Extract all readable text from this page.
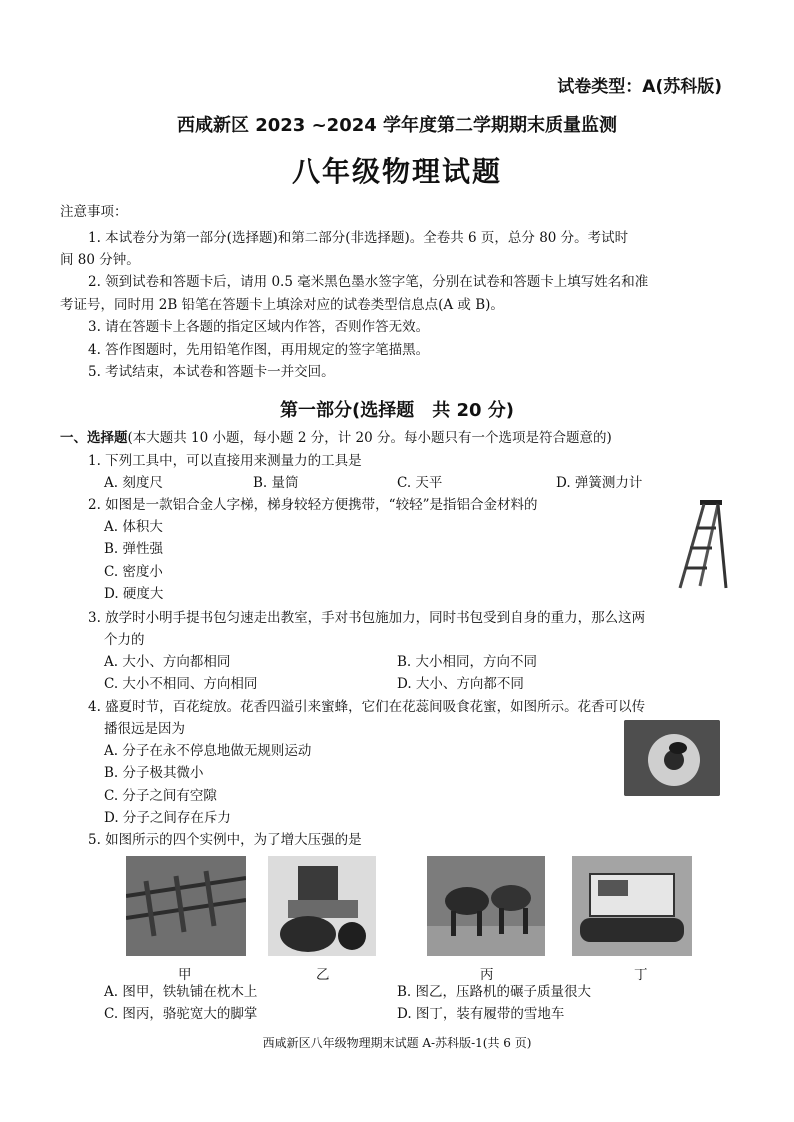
试卷类型：A(苏科版)
西咸新区 2023 ~2024 学年度第二学期期末质量监测
八年级物理试题
注意事项：
1. 本试卷分为第一部分(选择题)和第二部分(非选择题)。全卷共 6 页，总分 80 分。考试时
间 80 分钟。
2. 领到试卷和答题卡后，请用 0.5 毫米黑色墨水签字笔，分别在试卷和答题卡上填写姓名和准
考证号，同时用 2B 铅笔在答题卡上填涂对应的试卷类型信息点(A 或 B)。
3. 请在答题卡上各题的指定区域内作答，否则作答无效。
4. 答作图题时，先用铅笔作图，再用规定的签字笔描黑。
5. 考试结束，本试卷和答题卡一并交回。
第一部分(选择题　共 20 分)
一、选择题(本大题共 10 小题，每小题 2 分，计 20 分。每小题只有一个选项是符合题意的)
1. 下列工具中，可以直接用来测量力的工具是
A. 刻度尺	B. 量筒	C. 天平	D. 弹簧测力计
2. 如图是一款铝合金人字梯，梯身较轻方便携带，“较轻”是指铝合金材料的
A. 体积大
B. 弹性强
C. 密度小
D. 硬度大
3. 放学时小明手提书包匀速走出教室，手对书包施加力，同时书包受到自身的重力，那么这两
个力的
A. 大小、方向都相同	B. 大小相同，方向不同
C. 大小不相同、方向相同	D. 大小、方向都不同
4. 盛夏时节，百花绽放。花香四溢引来蜜蜂，它们在花蕊间吸食花蜜，如图所示。花香可以传
播很远是因为
A. 分子在永不停息地做无规则运动
B. 分子极其微小
C. 分子之间有空隙
D. 分子之间存在斥力
5. 如图所示的四个实例中，为了增大压强的是
甲	乙	丙	丁
A. 图甲，铁轨铺在枕木上	B. 图乙，压路机的碾子质量很大
C. 图丙，骆驼宽大的脚掌	D. 图丁，装有履带的雪地车
西咸新区八年级物理期末试题 A-苏科版-1(共 6 页)
